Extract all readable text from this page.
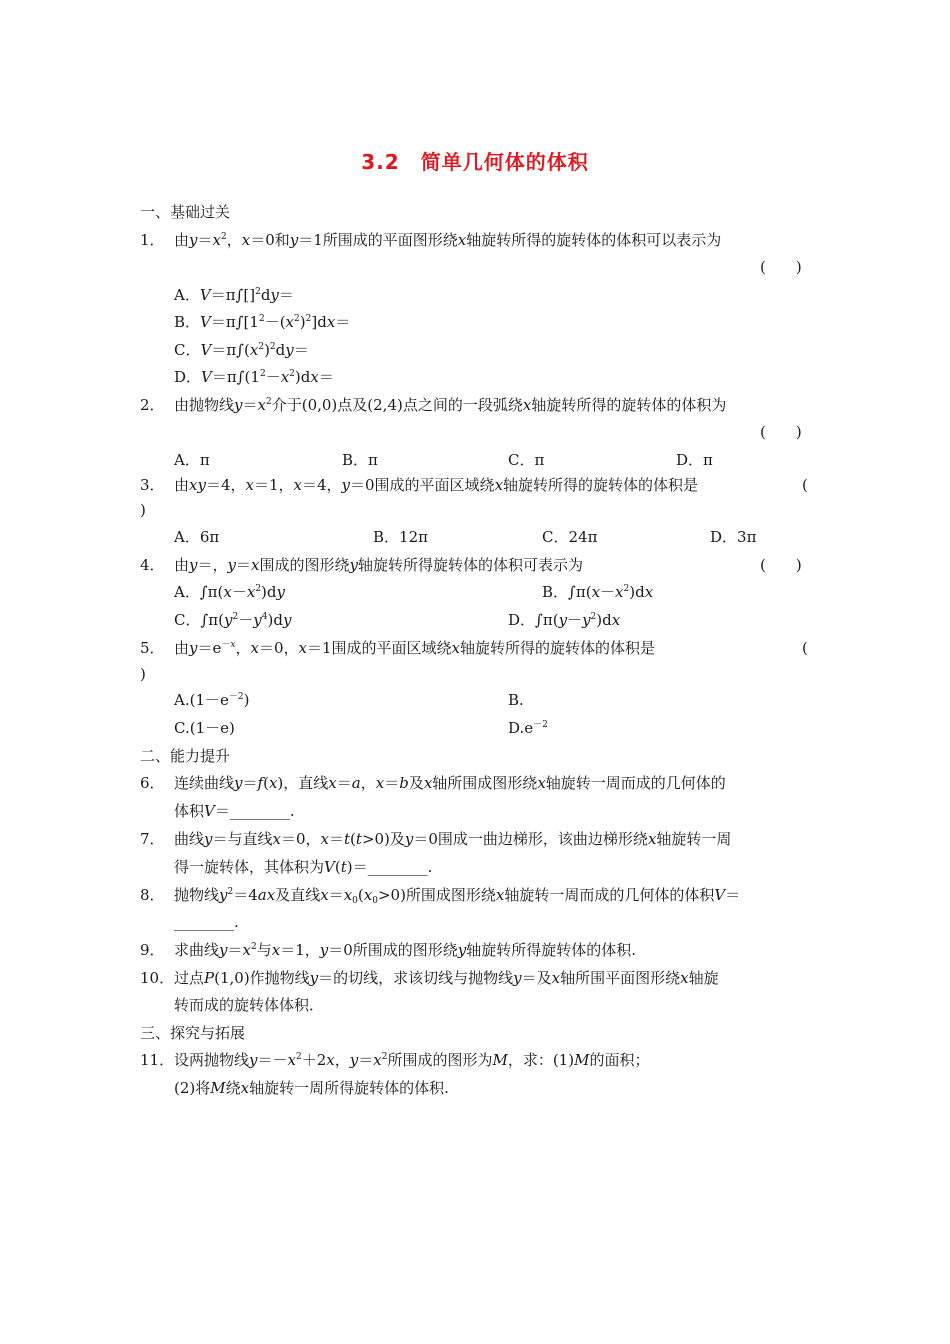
3.2　简单几何体的体积
一、基础过关
1． 由$y=x^2$，x＝0和y＝1所围成的平面图形绕x轴旋转所得的旋转体的体积可以表示为
(　　)
A．V＝π∫[]$^2$dy＝
B．$V=\pi\int[1^2-(x^2)^2]dx=$
C．$V=\pi\int(x^2)^2dy=$
D．$V=\pi\int(1^2-x^2)dx=$
2． 由抛物线$y=x^2$介于(0,0)点及(2,4)点之间的一段弧绕x轴旋转所得的旋转体的体积为
(　　)
A．π	B．π	C．π	D．π
3． 由xy＝4，x＝1，x＝4，y＝0围成的平面区域绕x轴旋转所得的旋转体的体积是	(
)
A．6π	B．12π	C．24π	D．3π
4． 由y＝，y＝x围成的图形绕y轴旋转所得旋转体的体积可表示为	(　　)
A．$\int\pi(x-x^2)dy$	B．$\int\pi(x-x^2)dx$
C．$\int\pi(y^2-y^4)dy$	D．$\int\pi(y-y^2)dx$
5． 由$y=e^{-x}$，x＝0，x＝1围成的平面区域绕x轴旋转所得的旋转体的体积是	(
)
$A.(1-e^{-2})$	B.
C.(1－e)	$D.e^{-2}$
二、能力提升
6． 连续曲线y＝f(x)，直线x＝a，x＝b及x轴所围成图形绕x轴旋转一周而成的几何体的
体积V＝________.
7． 曲线y＝与直线x＝0，x＝t(t>0)及y＝0围成一曲边梯形，该曲边梯形绕x轴旋转一周
得一旋转体，其体积为V(t)＝________.
8． 抛物线$y^2=4ax$及直线$x=x_0(x_0>0)$所围成图形绕x轴旋转一周而成的几何体的体积V＝
________.
9． 求曲线$y=x^2$与x＝1，y＝0所围成的图形绕y轴旋转所得旋转体的体积.
10． 过点P(1,0)作抛物线y＝的切线，求该切线与抛物线y＝及x轴所围平面图形绕x轴旋
转而成的旋转体体积．
三、探究与拓展
11． 设两抛物线$y=-x^2+2x$，$y=x^2$所围成的图形为M，求：(1)M的面积；
(2)将M绕x轴旋转一周所得旋转体的体积.
